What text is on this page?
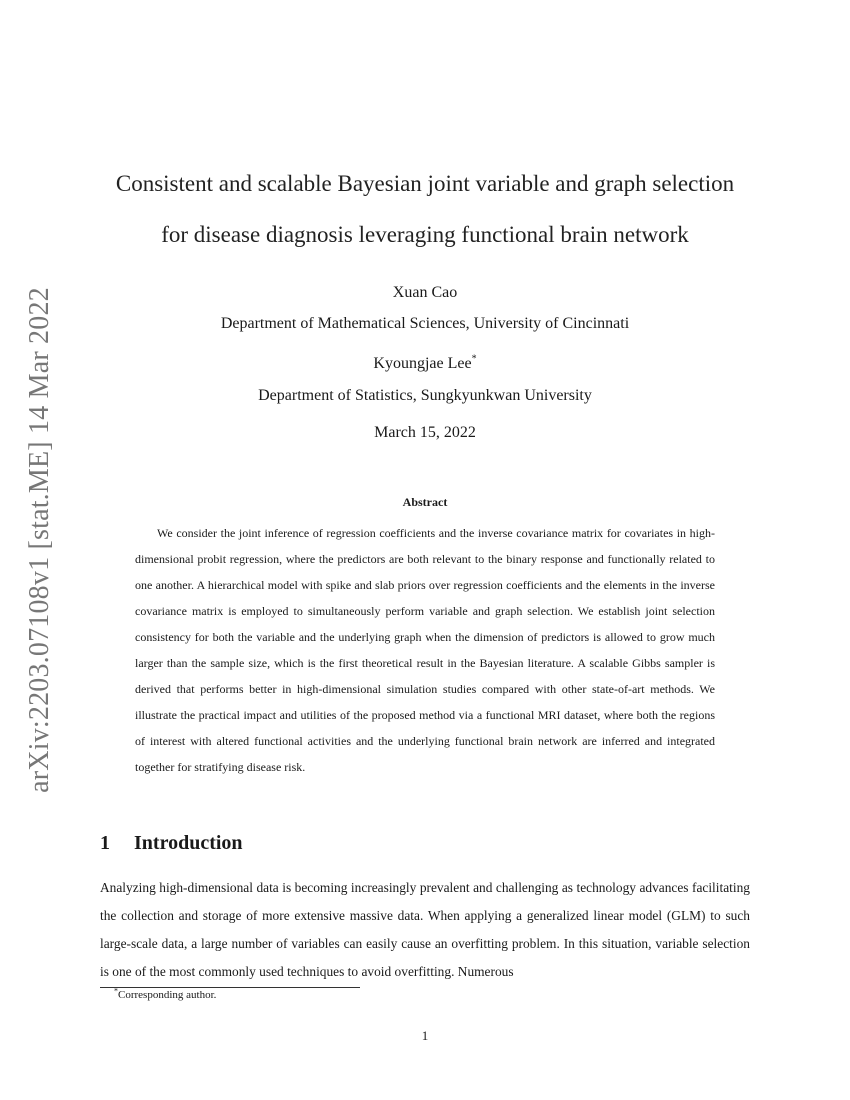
arXiv:2203.07108v1 [stat.ME] 14 Mar 2022
Consistent and scalable Bayesian joint variable and graph selection
for disease diagnosis leveraging functional brain network
Xuan Cao
Department of Mathematical Sciences, University of Cincinnati
Kyoungjae Lee*
Department of Statistics, Sungkyunkwan University
March 15, 2022
Abstract
We consider the joint inference of regression coefficients and the inverse covariance matrix for covariates in high-dimensional probit regression, where the predictors are both relevant to the binary response and functionally related to one another. A hierarchical model with spike and slab priors over regression coefficients and the elements in the inverse covariance matrix is employed to simultaneously perform variable and graph selection. We establish joint selection consistency for both the variable and the underlying graph when the dimension of predictors is allowed to grow much larger than the sample size, which is the first theoretical result in the Bayesian literature. A scalable Gibbs sampler is derived that performs better in high-dimensional simulation studies compared with other state-of-art methods. We illustrate the practical impact and utilities of the proposed method via a functional MRI dataset, where both the regions of interest with altered functional activities and the underlying functional brain network are inferred and integrated together for stratifying disease risk.
1 Introduction
Analyzing high-dimensional data is becoming increasingly prevalent and challenging as technology advances facilitating the collection and storage of more extensive massive data. When applying a generalized linear model (GLM) to such large-scale data, a large number of variables can easily cause an overfitting problem. In this situation, variable selection is one of the most commonly used techniques to avoid overfitting. Numerous
*Corresponding author.
1
